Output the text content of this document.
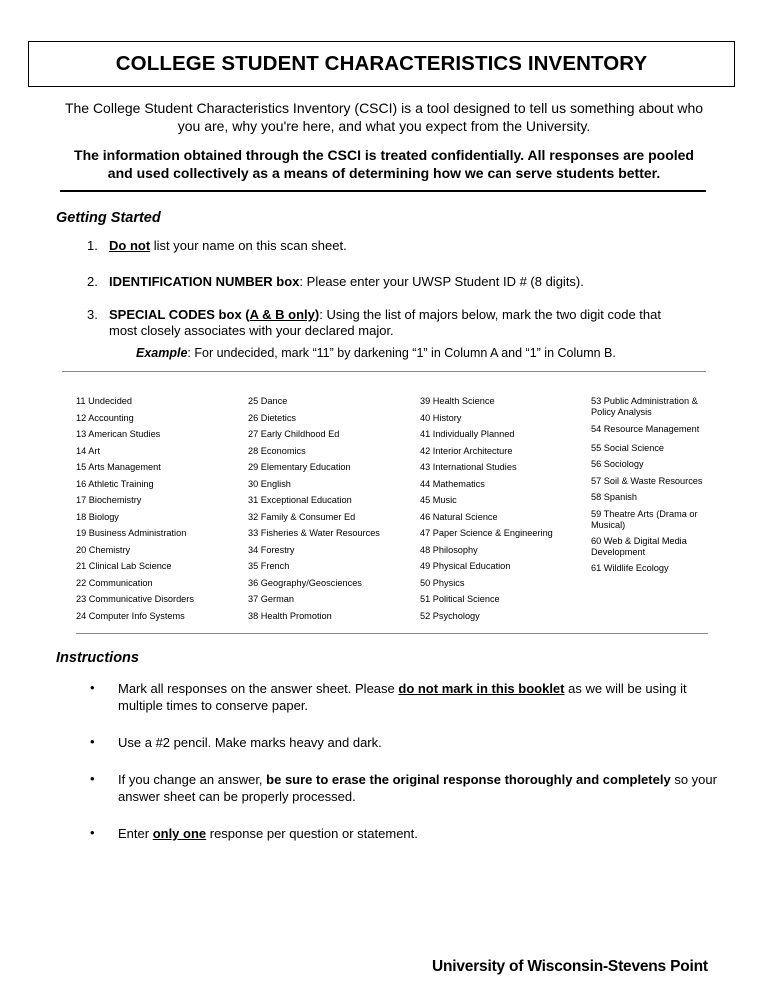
COLLEGE STUDENT CHARACTERISTICS INVENTORY
The College Student Characteristics Inventory (CSCI) is a tool designed to tell us something about who you are, why you're here, and what you expect from the University.
The information obtained through the CSCI is treated confidentially. All responses are pooled and used collectively as a means of determining how we can serve students better.
Getting Started
1. Do not list your name on this scan sheet.
2. IDENTIFICATION NUMBER box: Please enter your UWSP Student ID # (8 digits).
3. SPECIAL CODES box (A & B only): Using the list of majors below, mark the two digit code that most closely associates with your declared major.
Example: For undecided, mark “11” by darkening “1” in Column A and “1” in Column B.
11 Undecided
12 Accounting
13 American Studies
14 Art
15 Arts Management
16 Athletic Training
17 Biochemistry
18 Biology
19 Business Administration
20 Chemistry
21 Clinical Lab Science
22 Communication
23 Communicative Disorders
24 Computer Info Systems
25 Dance
26 Dietetics
27 Early Childhood Ed
28 Economics
29 Elementary Education
30 English
31 Exceptional Education
32 Family & Consumer Ed
33 Fisheries & Water Resources
34 Forestry
35 French
36 Geography/Geosciences
37 German
38 Health Promotion
39 Health Science
40 History
41 Individually Planned
42 Interior Architecture
43 International Studies
44 Mathematics
45 Music
46 Natural Science
47 Paper Science & Engineering
48 Philosophy
49 Physical Education
50 Physics
51 Political Science
52 Psychology
53 Public Administration & Policy Analysis
54 Resource Management
55 Social Science
56 Sociology
57 Soil & Waste Resources
58 Spanish
59 Theatre Arts (Drama or Musical)
60 Web & Digital Media Development
61 Wildlife Ecology
Instructions
• Mark all responses on the answer sheet. Please do not mark in this booklet as we will be using it multiple times to conserve paper.
• Use a #2 pencil. Make marks heavy and dark.
• If you change an answer, be sure to erase the original response thoroughly and completely so your answer sheet can be properly processed.
• Enter only one response per question or statement.
University of Wisconsin-Stevens Point
